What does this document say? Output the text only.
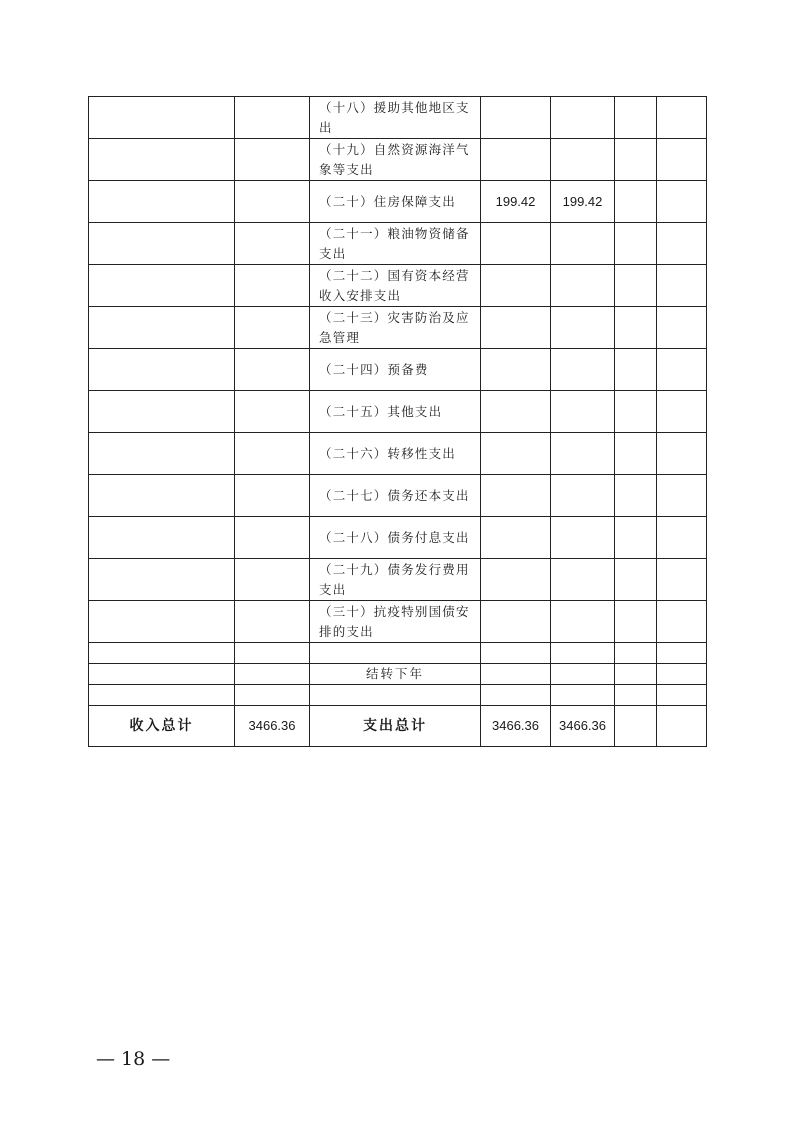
		（十八）援助其他地区支出				
		（十九）自然资源海洋气象等支出				
		（二十）住房保障支出	199.42	199.42		
		（二十一）粮油物资储备支出				
		（二十二）国有资本经营收入安排支出				
		（二十三）灾害防治及应急管理				
		（二十四）预备费				
		（二十五）其他支出				
		（二十六）转移性支出				
		（二十七）债务还本支出				
		（二十八）债务付息支出				
		（二十九）债务发行费用支出				
		（三十）抗疫特别国债安排的支出				

		结转下年				

收入总计	3466.36	支出总计	3466.36	3466.36		
— 18 —
